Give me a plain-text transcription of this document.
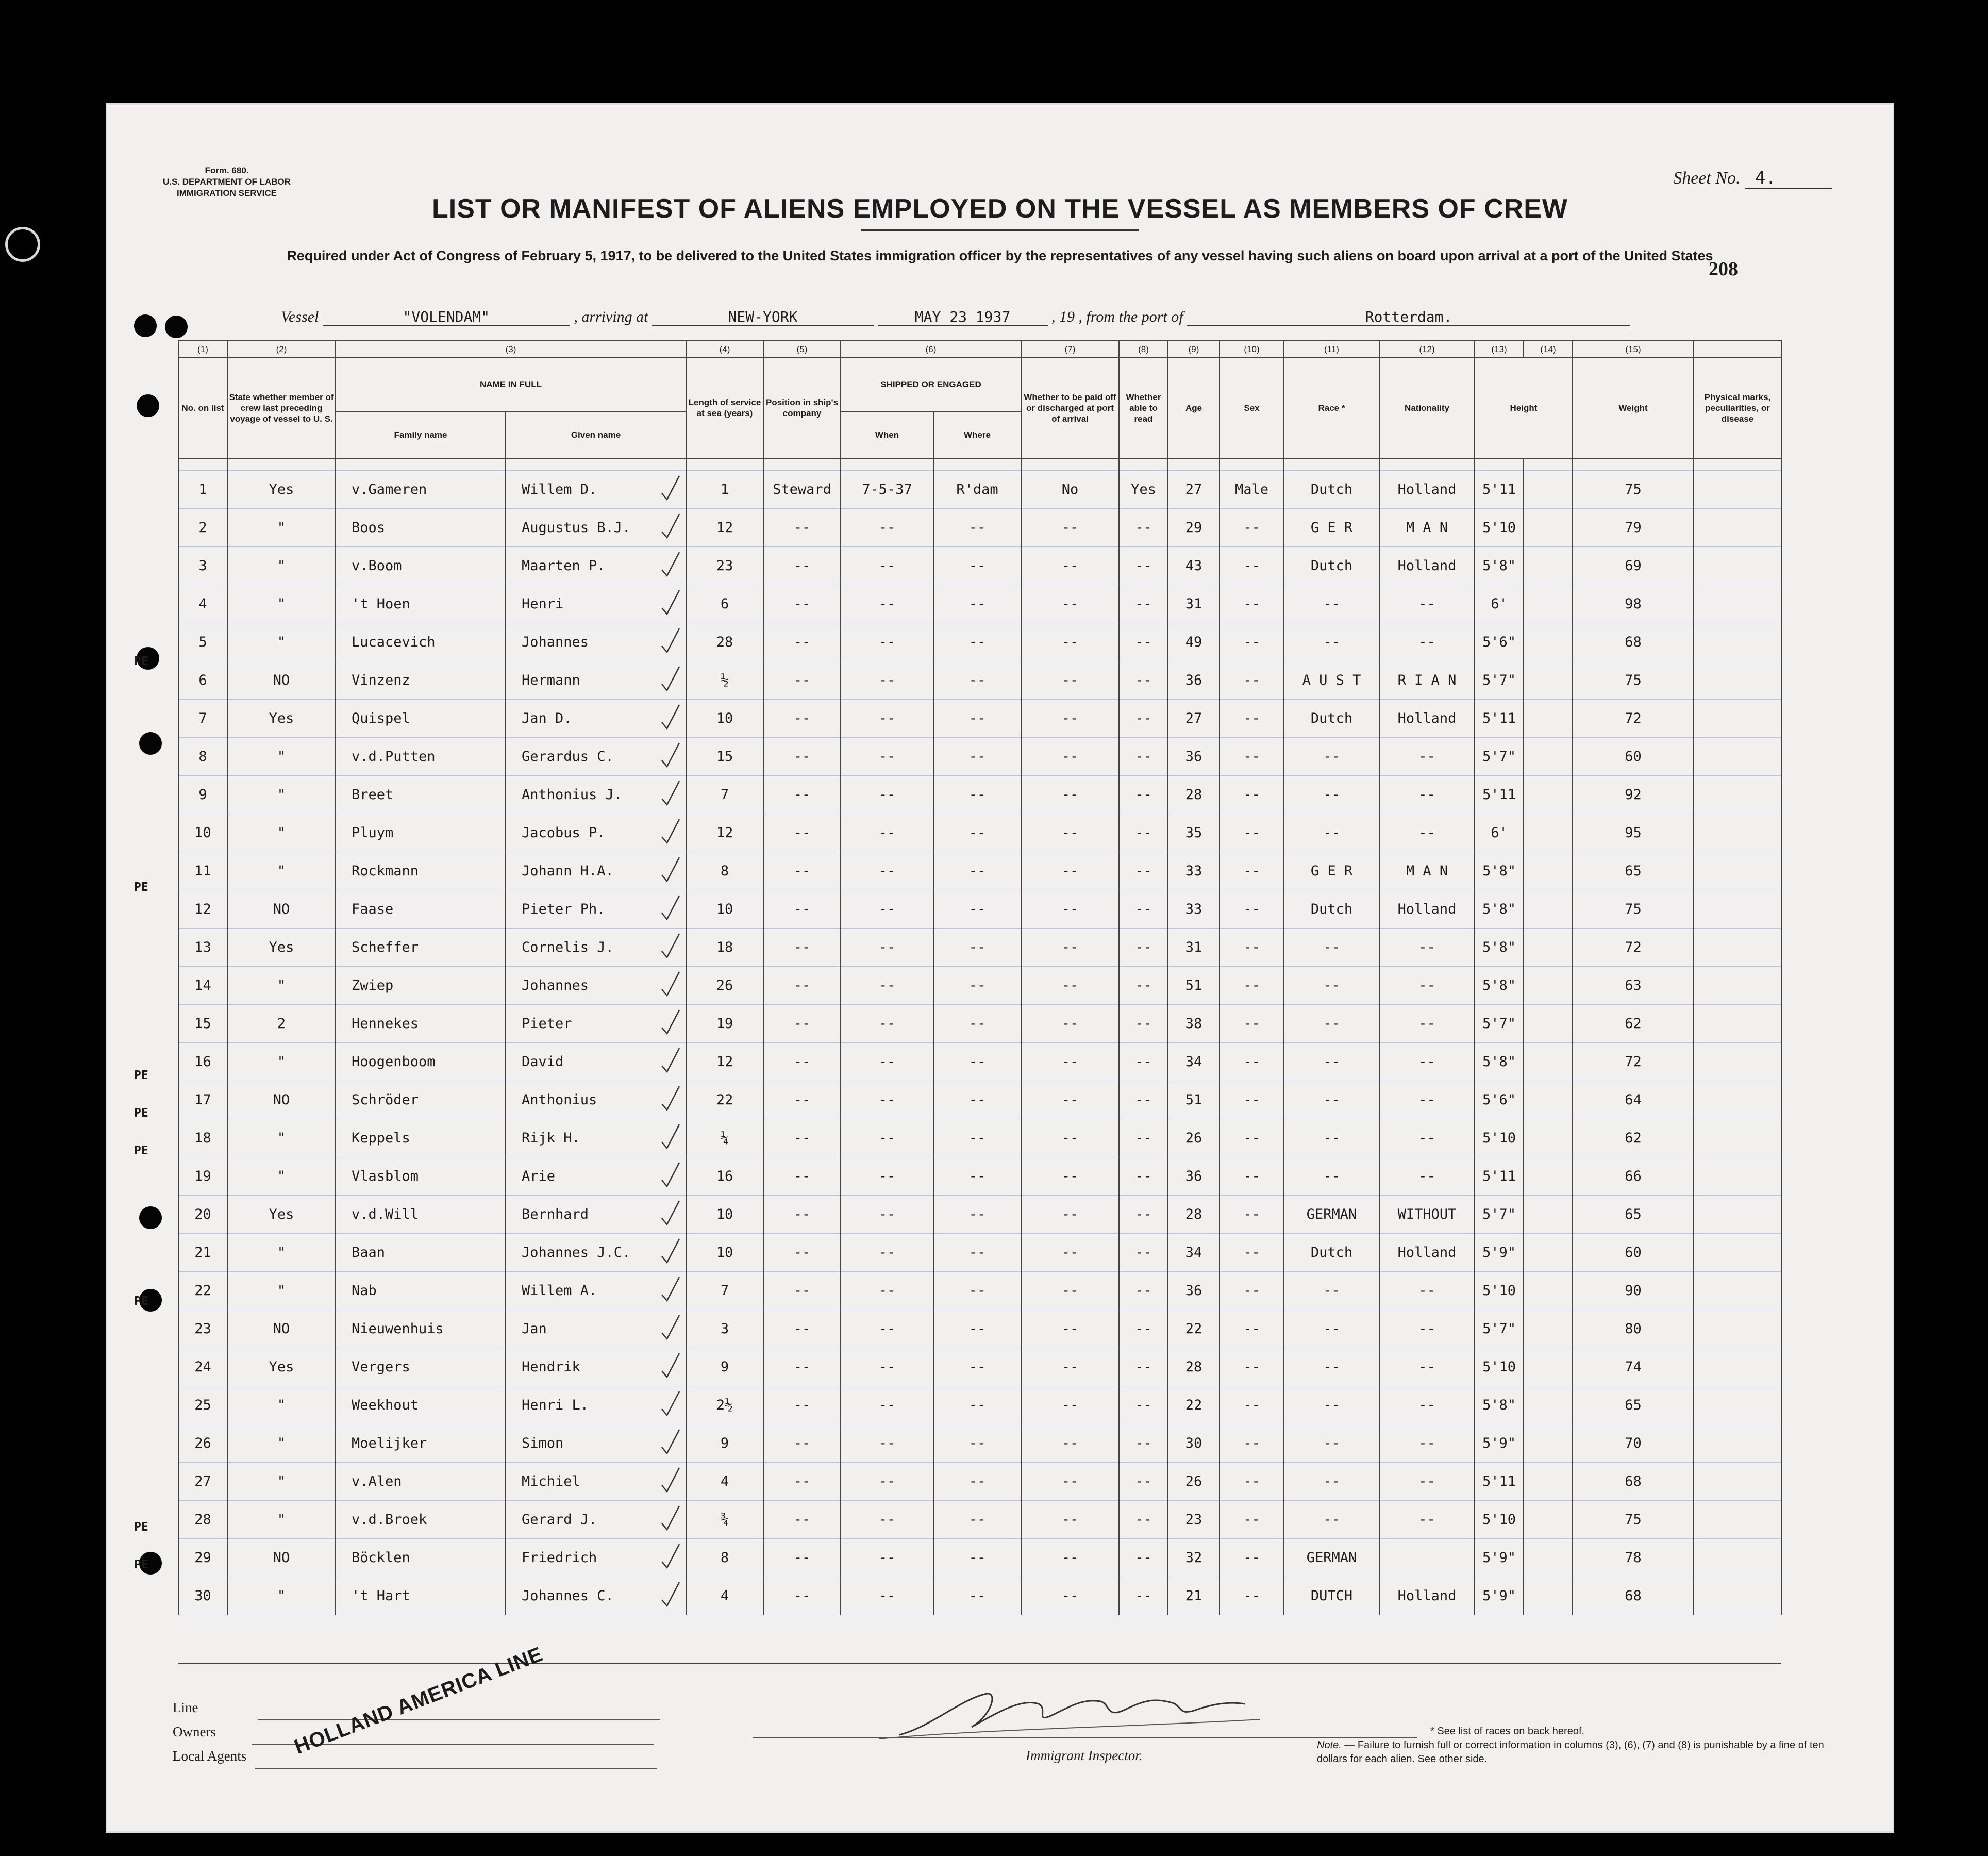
Form. 680.
U.S. DEPARTMENT OF LABOR
IMMIGRATION SERVICE
Sheet No. 4.
LIST OR MANIFEST OF ALIENS EMPLOYED ON THE VESSEL AS MEMBERS OF CREW
Required under Act of Congress of February 5, 1917, to be delivered to the United States immigration officer by the representatives of any vessel having such aliens on board upon arrival at a port of the United States
208
Vessel	"VOLENDAM"	, arriving at	NEW-YORK	MAY 23 1937	, 19 , from the port of	Rotterdam.
(1)	(2)	(3)		(4)	(5)	(6)		(7)	(8)	(9)	(10)	(11)	(12)	(13)	(14)	(15)	
No. on list	State whether member of crew last preceding voyage of vessel to U. S.	NAME IN FULL		Length of service at sea (years)	Position in ship's company	SHIPPED OR ENGAGED		Whether to be paid off or discharged at port of arrival	Whether able to read	Age	Sex	Race *	Nationality	Height		Weight	Physical marks, peculiarities, or disease
		Family name	Given name			When	Where										

1	Yes	v.Gameren	Willem D.	1	Steward	7-5-37	R'dam	No	Yes	27	Male	Dutch	Holland	5'11		75	
2	"	Boos	Augustus B.J.	12	--	--	--	--	--	29	--	G E R	M A N	5'10		79	
3	"	v.Boom	Maarten P.	23	--	--	--	--	--	43	--	Dutch	Holland	5'8"		69	
4	"	't Hoen	Henri	6	--	--	--	--	--	31	--	--	--	6'		98	
5	"	Lucacevich	Johannes	28	--	--	--	--	--	49	--	--	--	5'6"		68	
6	NO	Vinzenz	Hermann	½	--	--	--	--	--	36	--	A U S T	R I A N	5'7"		75	
7	Yes	Quispel	Jan D.	10	--	--	--	--	--	27	--	Dutch	Holland	5'11		72	
8	"	v.d.Putten	Gerardus C.	15	--	--	--	--	--	36	--	--	--	5'7"		60	
9	"	Breet	Anthonius J.	7	--	--	--	--	--	28	--	--	--	5'11		92	
10	"	Pluym	Jacobus P.	12	--	--	--	--	--	35	--	--	--	6'		95	
11	"	Rockmann	Johann H.A.	8	--	--	--	--	--	33	--	G E R	M A N	5'8"		65	
12	NO	Faase	Pieter Ph.	10	--	--	--	--	--	33	--	Dutch	Holland	5'8"		75	
13	Yes	Scheffer	Cornelis J.	18	--	--	--	--	--	31	--	--	--	5'8"		72	
14	"	Zwiep	Johannes	26	--	--	--	--	--	51	--	--	--	5'8"		63	
15	2	Hennekes	Pieter	19	--	--	--	--	--	38	--	--	--	5'7"		62	
16	"	Hoogenboom	David	12	--	--	--	--	--	34	--	--	--	5'8"		72	
17	NO	Schröder	Anthonius	22	--	--	--	--	--	51	--	--	--	5'6"		64	
18	"	Keppels	Rijk H.	¼	--	--	--	--	--	26	--	--	--	5'10		62	
19	"	Vlasblom	Arie	16	--	--	--	--	--	36	--	--	--	5'11		66	
20	Yes	v.d.Will	Bernhard	10	--	--	--	--	--	28	--	GERMAN	WITHOUT	5'7"		65	
21	"	Baan	Johannes J.C.	10	--	--	--	--	--	34	--	Dutch	Holland	5'9"		60	
22	"	Nab	Willem A.	7	--	--	--	--	--	36	--	--	--	5'10		90	
23	NO	Nieuwenhuis	Jan	3	--	--	--	--	--	22	--	--	--	5'7"		80	
24	Yes	Vergers	Hendrik	9	--	--	--	--	--	28	--	--	--	5'10		74	
25	"	Weekhout	Henri L.	2½	--	--	--	--	--	22	--	--	--	5'8"		65	
26	"	Moelijker	Simon	9	--	--	--	--	--	30	--	--	--	5'9"		70	
27	"	v.Alen	Michiel	4	--	--	--	--	--	26	--	--	--	5'11		68	
28	"	v.d.Broek	Gerard J.	¾	--	--	--	--	--	23	--	--	--	5'10		75	
29	NO	Böcklen	Friedrich	8	--	--	--	--	--	32	--	GERMAN		5'9"		78	
30	"	't Hart	Johannes C.	4	--	--	--	--	--	21	--	DUTCH	Holland	5'9"		68	
Line
Owners
Local Agents	HOLLAND AMERICA LINE	Immigrant Inspector.
* See list of races on back hereof.
Note. — Failure to furnish full or correct information in columns (3), (6), (7) and (8) is punishable by a fine of ten dollars for each alien. See other side.
PE
PE
PE
PE
PE
PE
PE
PE
